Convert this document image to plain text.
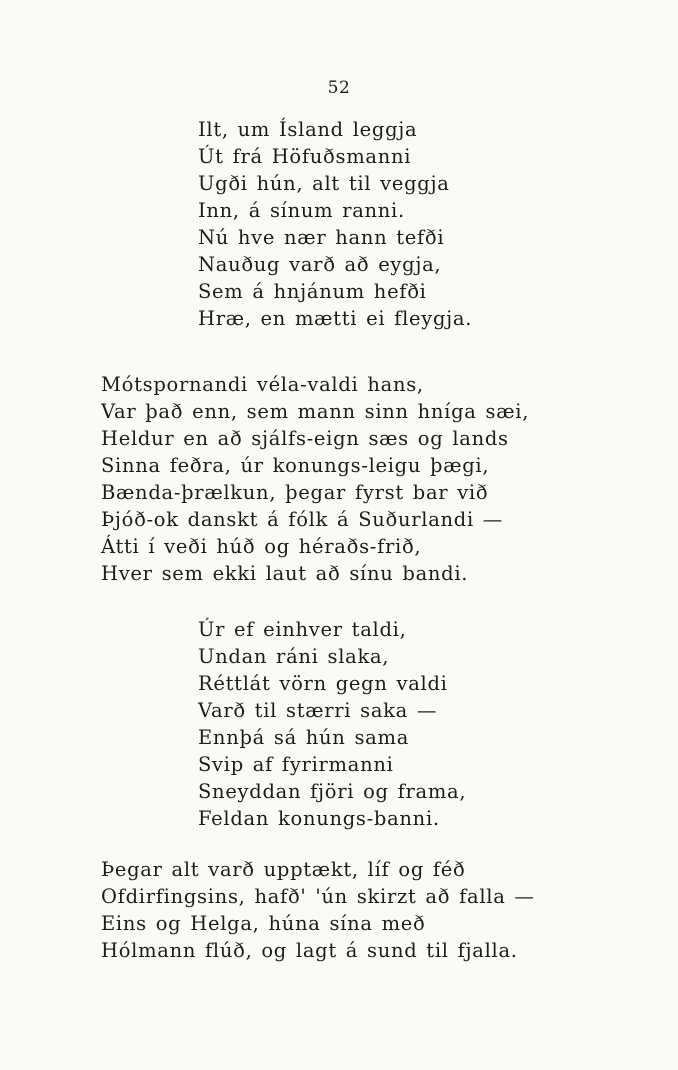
52
Ilt, um Ísland leggja
Út frá Höfuðsmanni
Ugði hún, alt til veggja
Inn, á sínum ranni.
Nú hve nær hann tefði
Nauðug varð að eygja,
Sem á hnjánum hefði
Hræ, en mætti ei fleygja.
Mótspornandi véla-valdi hans,
Var það enn, sem mann sinn hníga sæi,
Heldur en að sjálfs-eign sæs og lands
Sinna feðra, úr konungs-leigu þægi,
Bænda-þrælkun, þegar fyrst bar við
Þjóð-ok danskt á fólk á Suðurlandi —
Átti í veði húð og héraðs-frið,
Hver sem ekki laut að sínu bandi.
Úr ef einhver taldi,
Undan ráni slaka,
Réttlát vörn gegn valdi
Varð til stærri saka —
Ennþá sá hún sama
Svip af fyrirmanni
Sneyddan fjöri og frama,
Feldan konungs-banni.
Þegar alt varð upptækt, líf og féð
Ofdirfingsins, hafð' 'ún skirzt að falla —
Eins og Helga, húna sína með
Hólmann flúð, og lagt á sund til fjalla.
